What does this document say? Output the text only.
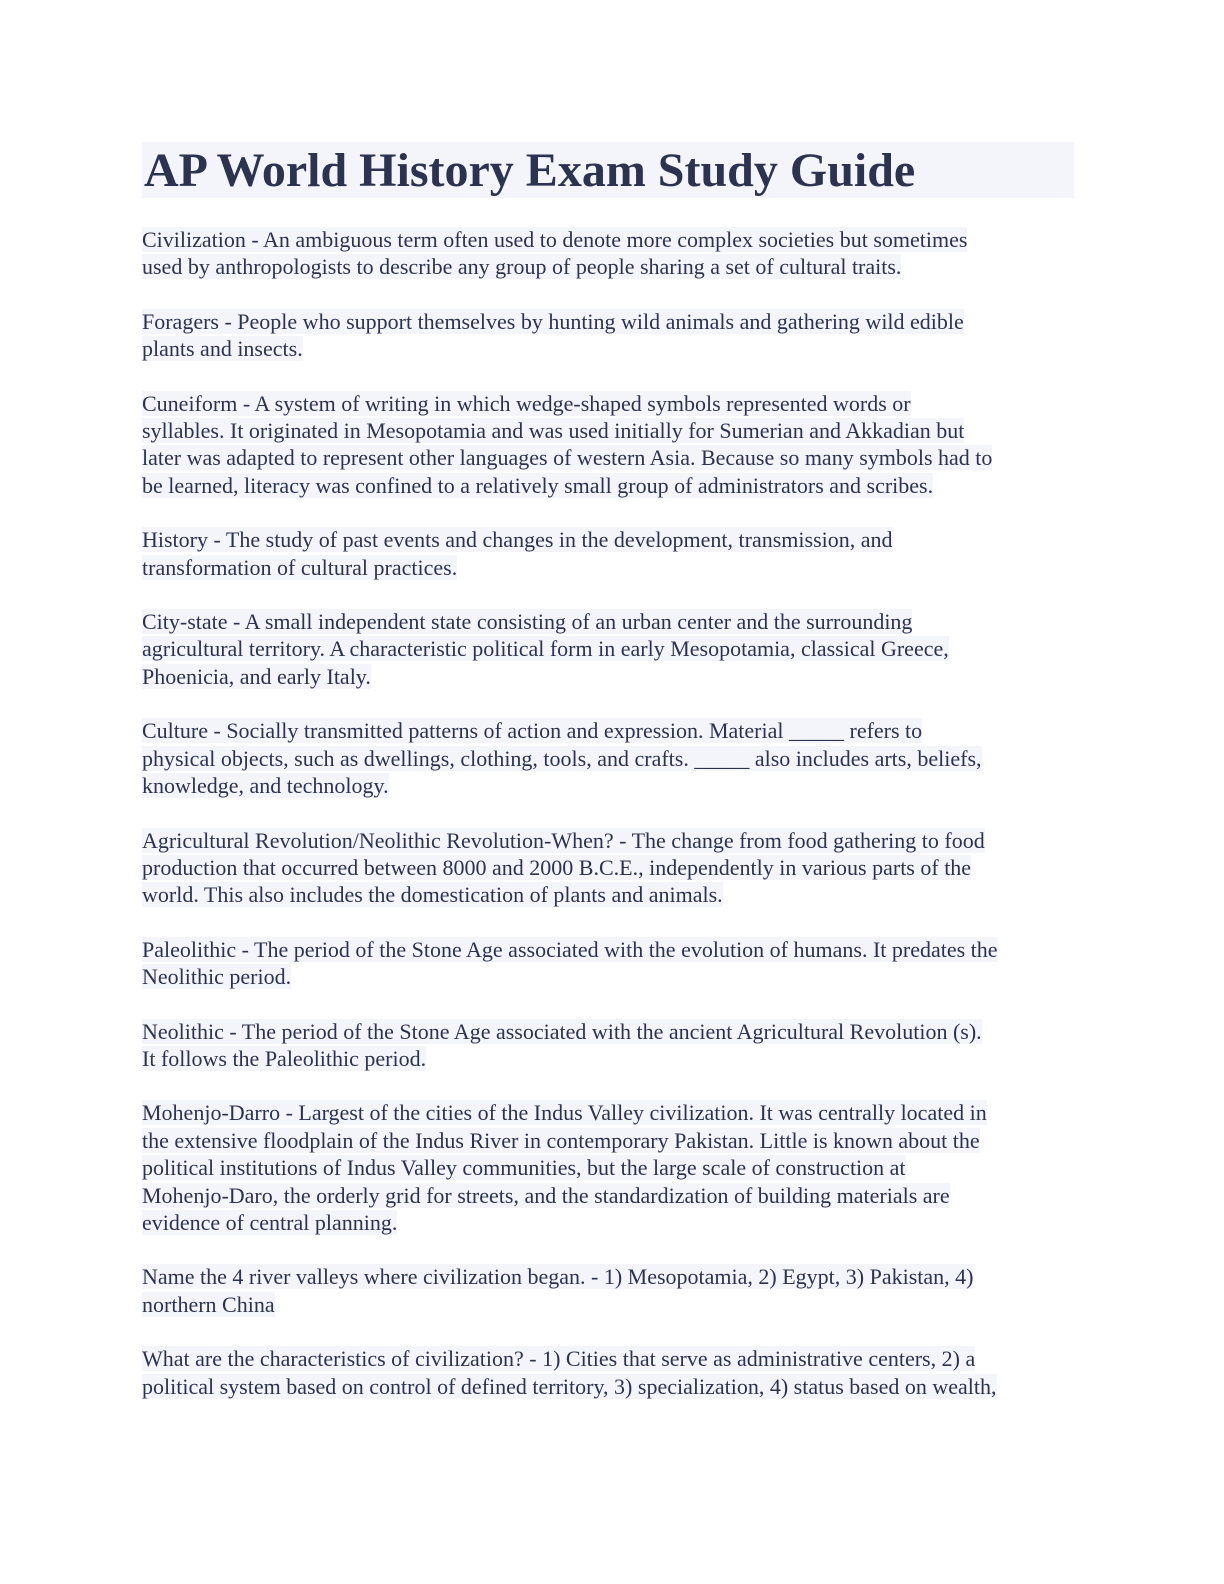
AP World History Exam Study Guide
Civilization - An ambiguous term often used to denote more complex societies but sometimes
used by anthropologists to describe any group of people sharing a set of cultural traits.
Foragers - People who support themselves by hunting wild animals and gathering wild edible
plants and insects.
Cuneiform - A system of writing in which wedge-shaped symbols represented words or
syllables. It originated in Mesopotamia and was used initially for Sumerian and Akkadian but
later was adapted to represent other languages of western Asia. Because so many symbols had to
be learned, literacy was confined to a relatively small group of administrators and scribes.
History - The study of past events and changes in the development, transmission, and
transformation of cultural practices.
City-state - A small independent state consisting of an urban center and the surrounding
agricultural territory. A characteristic political form in early Mesopotamia, classical Greece,
Phoenicia, and early Italy.
Culture - Socially transmitted patterns of action and expression. Material _____ refers to
physical objects, such as dwellings, clothing, tools, and crafts. _____ also includes arts, beliefs,
knowledge, and technology.
Agricultural Revolution/Neolithic Revolution-When? - The change from food gathering to food
production that occurred between 8000 and 2000 B.C.E., independently in various parts of the
world. This also includes the domestication of plants and animals.
Paleolithic - The period of the Stone Age associated with the evolution of humans. It predates the
Neolithic period.
Neolithic - The period of the Stone Age associated with the ancient Agricultural Revolution (s).
It follows the Paleolithic period.
Mohenjo-Darro - Largest of the cities of the Indus Valley civilization. It was centrally located in
the extensive floodplain of the Indus River in contemporary Pakistan. Little is known about the
political institutions of Indus Valley communities, but the large scale of construction at
Mohenjo-Daro, the orderly grid for streets, and the standardization of building materials are
evidence of central planning.
Name the 4 river valleys where civilization began. - 1) Mesopotamia, 2) Egypt, 3) Pakistan, 4)
northern China
What are the characteristics of civilization? - 1) Cities that serve as administrative centers, 2) a
political system based on control of defined territory, 3) specialization, 4) status based on wealth,
